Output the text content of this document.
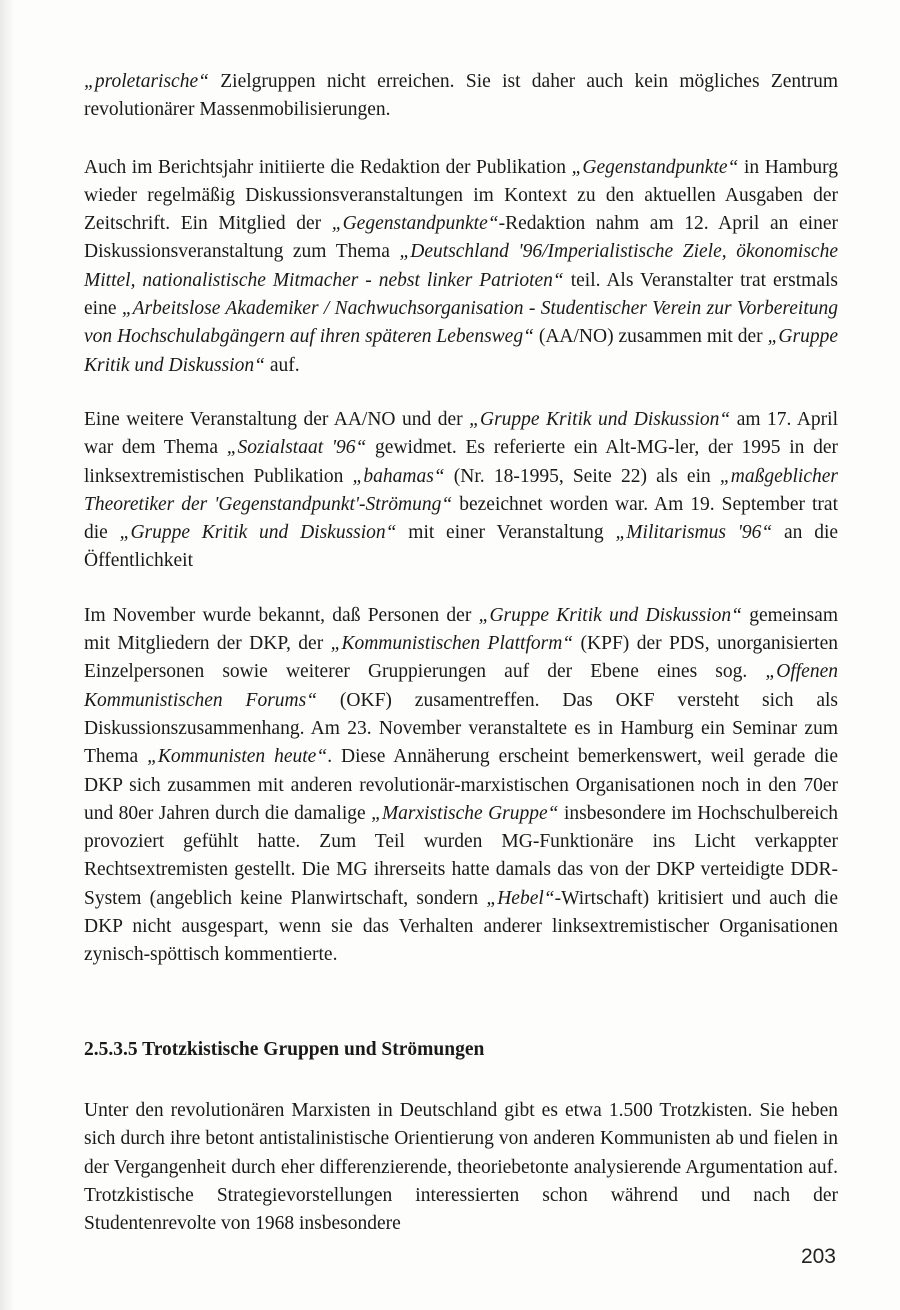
„proletarische“ Zielgruppen nicht erreichen. Sie ist daher auch kein mögliches Zentrum revolutionärer Massenmobilisierungen.

Auch im Berichtsjahr initiierte die Redaktion der Publikation „Gegenstandpunkte“ in Hamburg wieder regelmäßig Diskussionsveranstaltungen im Kontext zu den aktuellen Ausgaben der Zeitschrift. Ein Mitglied der „Gegenstandpunkte“-Redaktion nahm am 12. April an einer Diskussionsveranstaltung zum Thema „Deutschland '96/Imperialistische Ziele, ökonomische Mittel, nationalistische Mitmacher - nebst linker Patrioten“ teil. Als Veranstalter trat erstmals eine „Arbeitslose Akademiker / Nachwuchsorganisation - Studentischer Verein zur Vorbereitung von Hochschulabgängern auf ihren späteren Lebensweg“ (AA/NO) zusammen mit der „Gruppe Kritik und Diskussion“ auf.

Eine weitere Veranstaltung der AA/NO und der „Gruppe Kritik und Diskussion“ am 17. April war dem Thema „Sozialstaat '96“ gewidmet. Es referierte ein Alt-MG-ler, der 1995 in der linksextremistischen Publikation „bahamas“ (Nr. 18-1995, Seite 22) als ein „maßgeblicher Theoretiker der 'Gegenstandpunkt'-Strömung“ bezeichnet worden war. Am 19. September trat die „Gruppe Kritik und Diskussion“ mit einer Veranstaltung „Militarismus '96“ an die Öffentlichkeit

Im November wurde bekannt, daß Personen der „Gruppe Kritik und Diskussion“ gemeinsam mit Mitgliedern der DKP, der „Kommunistischen Plattform“ (KPF) der PDS, unorganisierten Einzelpersonen sowie weiterer Gruppierungen auf der Ebene eines sog. „Offenen Kommunistischen Forums“ (OKF) zusamentreffen. Das OKF versteht sich als Diskussionszusammenhang. Am 23. November veranstaltete es in Hamburg ein Seminar zum Thema „Kommunisten heute“. Diese Annäherung erscheint bemerkenswert, weil gerade die DKP sich zusammen mit anderen revolutionär-marxistischen Organisationen noch in den 70er und 80er Jahren durch die damalige „Marxistische Gruppe“ insbesondere im Hochschulbereich provoziert gefühlt hatte. Zum Teil wurden MG-Funktionäre ins Licht verkappter Rechtsextremisten gestellt. Die MG ihrerseits hatte damals das von der DKP verteidigte DDR-System (angeblich keine Planwirtschaft, sondern „Hebel“-Wirtschaft) kritisiert und auch die DKP nicht ausgespart, wenn sie das Verhalten anderer linksextremistischer Organisationen zynisch-spöttisch kommentierte.

2.5.3.5 Trotzkistische Gruppen und Strömungen

Unter den revolutionären Marxisten in Deutschland gibt es etwa 1.500 Trotzkisten. Sie heben sich durch ihre betont antistalinistische Orientierung von anderen Kommunisten ab und fielen in der Vergangenheit durch eher differenzierende, theoriebetonte analysierende Argumentation auf. Trotzkistische Strategievorstellungen interessierten schon während und nach der Studentenrevolte von 1968 insbesondere

203
